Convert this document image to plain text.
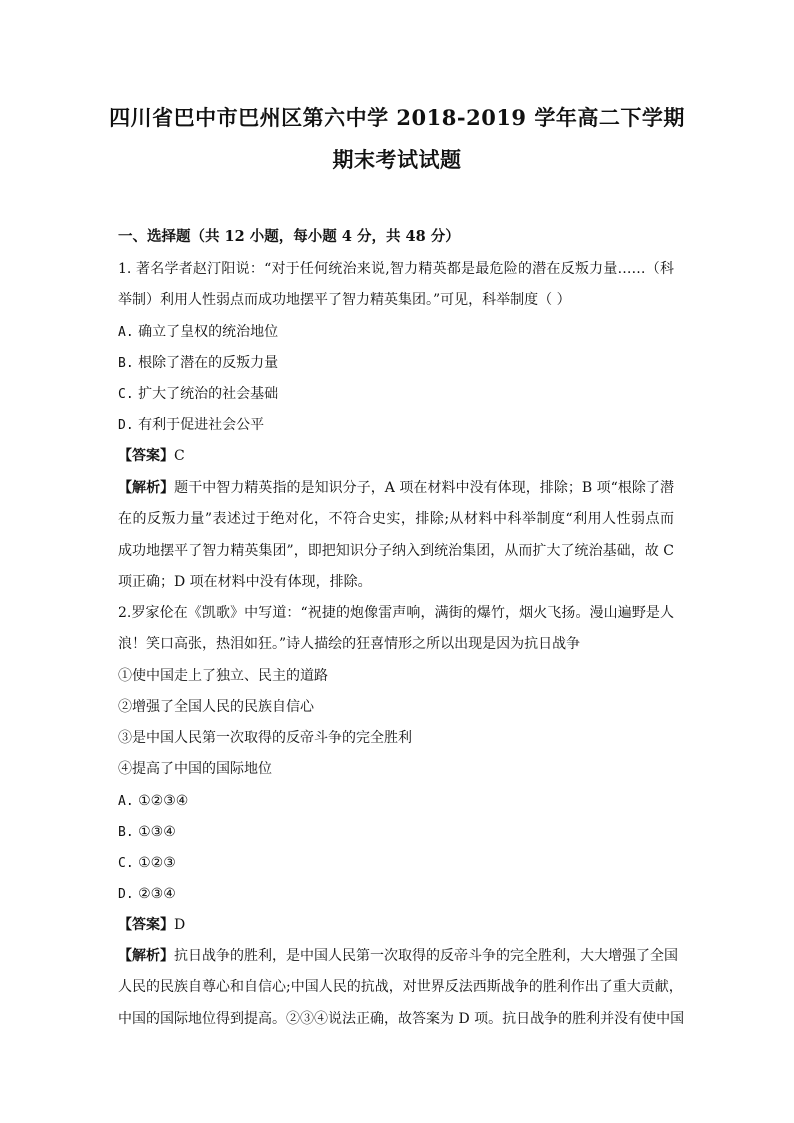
四川省巴中市巴州区第六中学 2018-2019 学年高二下学期
期末考试试题
一、选择题（共 12 小题，每小题 4 分，共 48 分）
1. 著名学者赵汀阳说：“对于任何统治来说,智力精英都是最危险的潜在反叛力量……（科
举制）利用人性弱点而成功地摆平了智力精英集团。”可见，科举制度（ ）
A. 确立了皇权的统治地位
B. 根除了潜在的反叛力量
C. 扩大了统治的社会基础
D. 有利于促进社会公平
【答案】C
【解析】题干中智力精英指的是知识分子，A 项在材料中没有体现，排除；B 项“根除了潜
在的反叛力量”表述过于绝对化，不符合史实，排除;从材料中科举制度“利用人性弱点而
成功地摆平了智力精英集团”，即把知识分子纳入到统治集团，从而扩大了统治基础，故 C
项正确；D 项在材料中没有体现，排除。
2.罗家伦在《凯歌》中写道：“祝捷的炮像雷声响，满街的爆竹，烟火飞扬。漫山遍野是人
浪！笑口高张，热泪如狂。”诗人描绘的狂喜情形之所以出现是因为抗日战争
①使中国走上了独立、民主的道路
②增强了全国人民的民族自信心
③是中国人民第一次取得的反帝斗争的完全胜利
④提高了中国的国际地位
A. ①②③④
B. ①③④
C. ①②③
D. ②③④
【答案】D
【解析】抗日战争的胜利，是中国人民第一次取得的反帝斗争的完全胜利，大大增强了全国
人民的民族自尊心和自信心;中国人民的抗战，对世界反法西斯战争的胜利作出了重大贡献，
中国的国际地位得到提高。②③④说法正确，故答案为 D 项。抗日战争的胜利并没有使中国
